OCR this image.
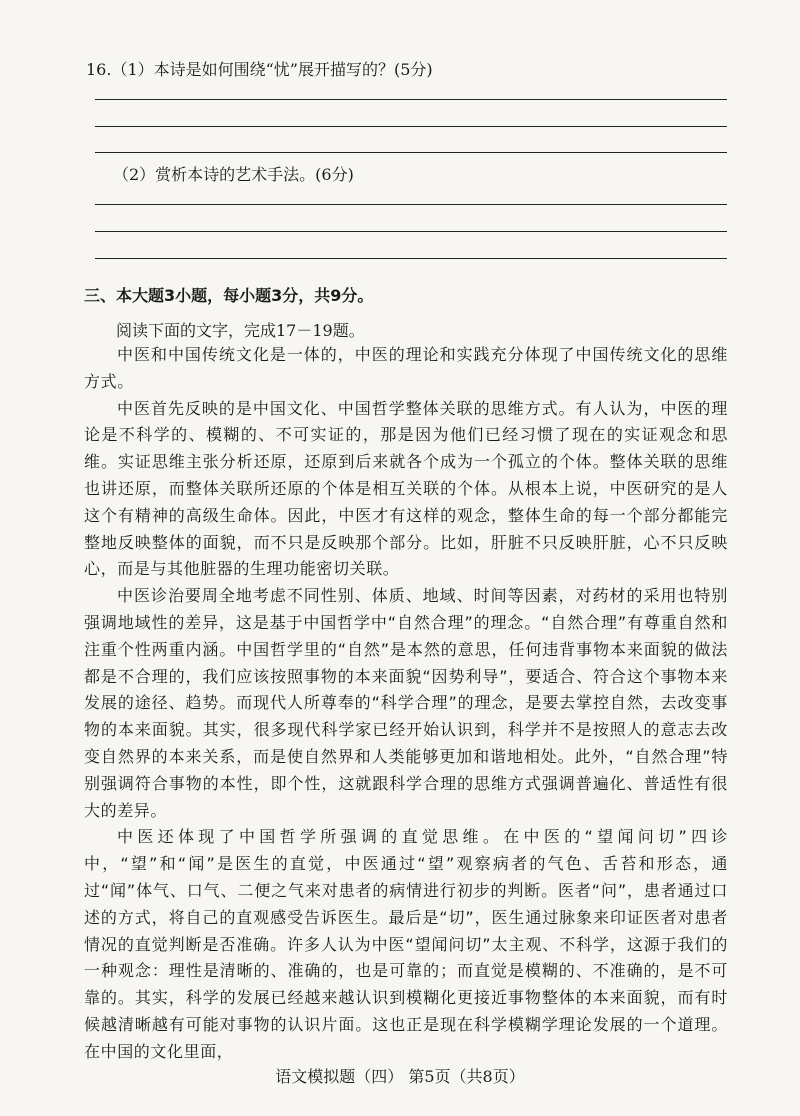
16.（1）本诗是如何围绕“忧”展开描写的？(5分)
（2）赏析本诗的艺术手法。(6分)
三、本大题3小题，每小题3分，共9分。
阅读下面的文字，完成17－19题。

中医和中国传统文化是一体的，中医的理论和实践充分体现了中国传统文化的思维方式。

中医首先反映的是中国文化、中国哲学整体关联的思维方式。有人认为，中医的理论是不科学的、模糊的、不可实证的，那是因为他们已经习惯了现在的实证观念和思维。实证思维主张分析还原，还原到后来就各个成为一个孤立的个体。整体关联的思维也讲还原，而整体关联所还原的个体是相互关联的个体。从根本上说，中医研究的是人这个有精神的高级生命体。因此，中医才有这样的观念，整体生命的每一个部分都能完整地反映整体的面貌，而不只是反映那个部分。比如，肝脏不只反映肝脏，心不只反映心，而是与其他脏器的生理功能密切关联。

中医诊治要周全地考虑不同性别、体质、地域、时间等因素，对药材的采用也特别强调地域性的差异，这是基于中国哲学中“自然合理”的理念。“自然合理”有尊重自然和注重个性两重内涵。中国哲学里的“自然”是本然的意思，任何违背事物本来面貌的做法都是不合理的，我们应该按照事物的本来面貌“因势利导”，要适合、符合这个事物本来发展的途径、趋势。而现代人所尊奉的“科学合理”的理念，是要去掌控自然，去改变事物的本来面貌。其实，很多现代科学家已经开始认识到，科学并不是按照人的意志去改变自然界的本来关系，而是使自然界和人类能够更加和谐地相处。此外，“自然合理”特别强调符合事物的本性，即个性，这就跟科学合理的思维方式强调普遍化、普适性有很大的差异。

中医还体现了中国哲学所强调的直觉思维。在中医的“望闻问切”四诊中，“望”和“闻”是医生的直觉，中医通过“望”观察病者的气色、舌苔和形态，通过“闻”体气、口气、二便之气来对患者的病情进行初步的判断。医者“问”，患者通过口述的方式，将自己的直观感受告诉医生。最后是“切”，医生通过脉象来印证医者对患者情况的直觉判断是否准确。许多人认为中医“望闻问切”太主观、不科学，这源于我们的一种观念：理性是清晰的、准确的，也是可靠的；而直觉是模糊的、不准确的，是不可靠的。其实，科学的发展已经越来越认识到模糊化更接近事物整体的本来面貌，而有时候越清晰越有可能对事物的认识片面。这也正是现在科学模糊学理论发展的一个道理。在中国的文化里面，

语文模拟题（四） 第5页（共8页）
